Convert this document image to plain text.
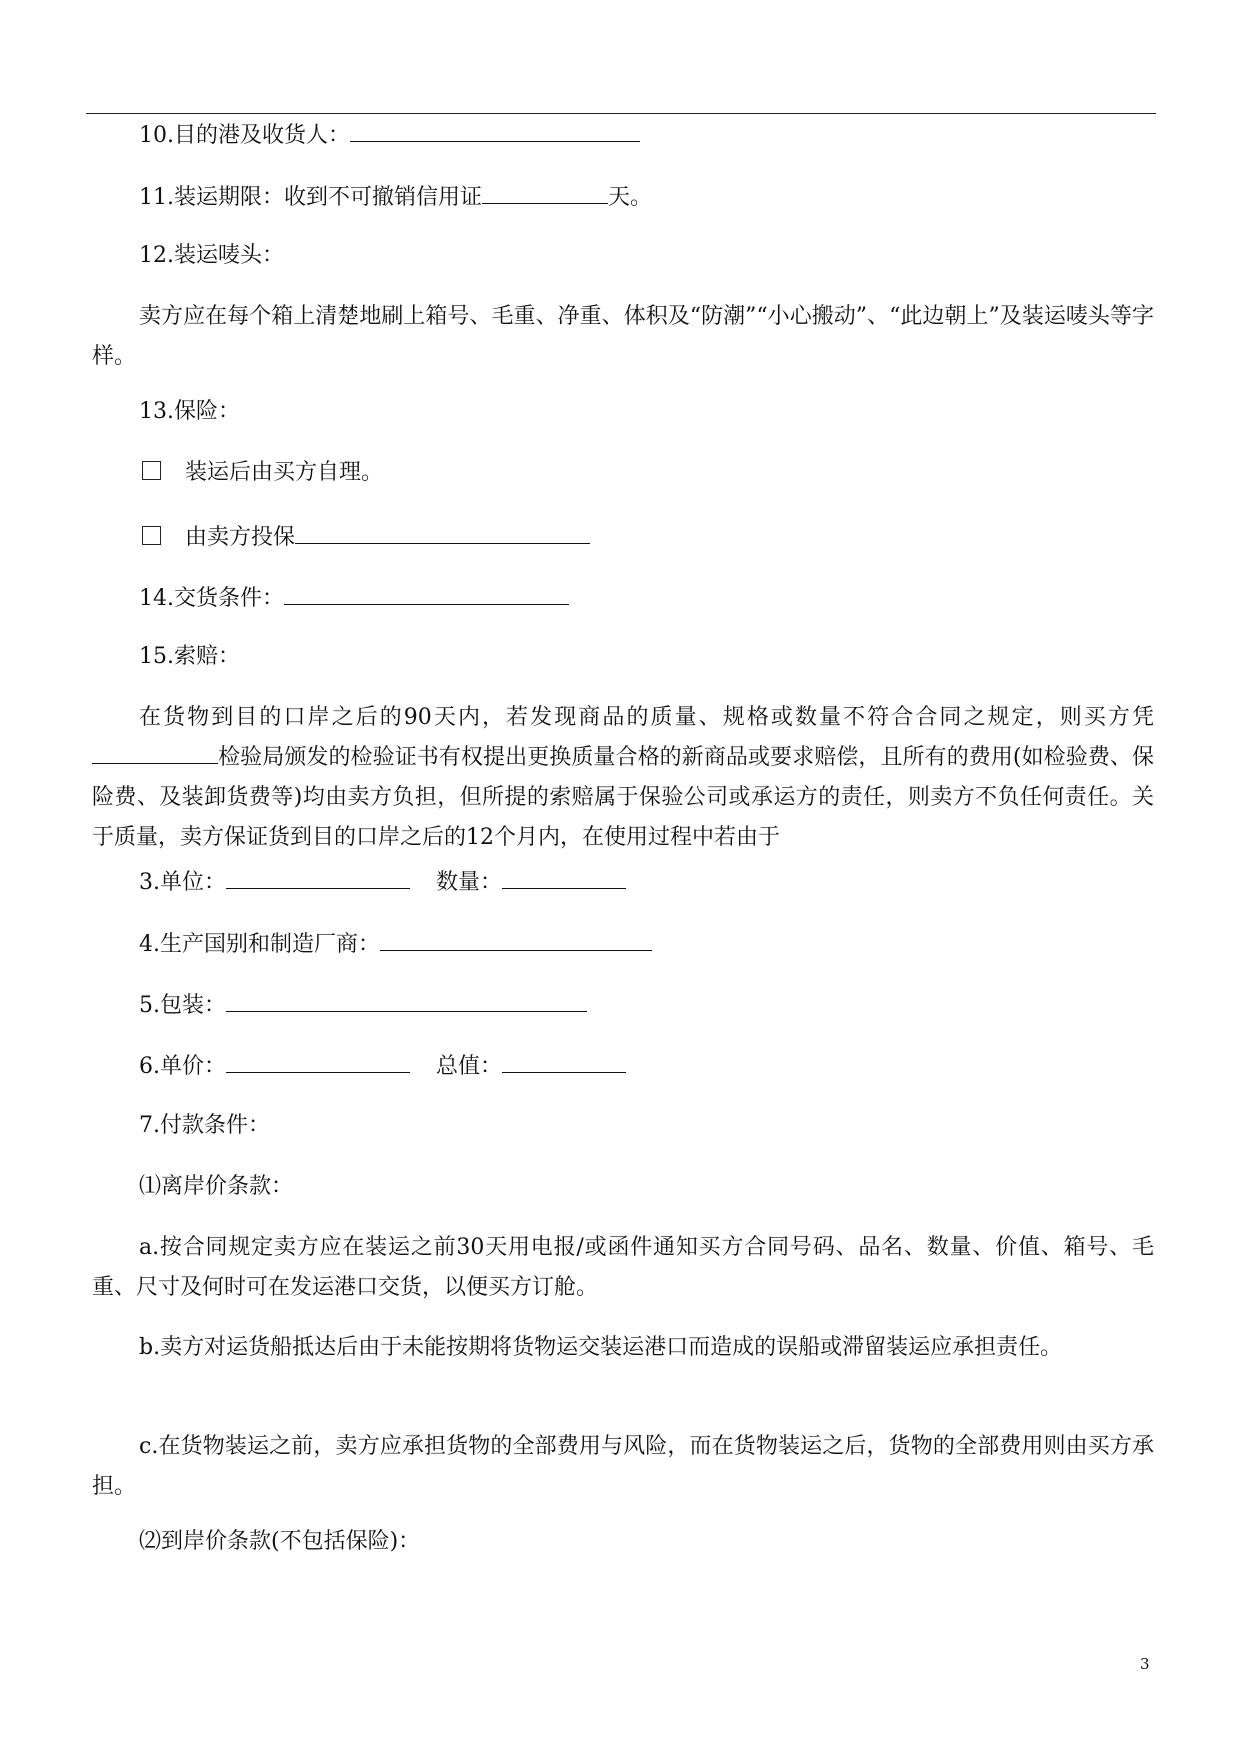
10.目的港及收货人：
11.装运期限：收到不可撤销信用证	天。
12.装运唛头：
卖方应在每个箱上清楚地刷上箱号、毛重、净重、体积及“防潮”“小心搬动”、“此边朝上”及装运唛头等字样。
13.保险：
装运后由买方自理。
由卖方投保
14.交货条件：
15.索赔：
在货物到目的口岸之后的90天内，若发现商品的质量、规格或数量不符合合同之规定，则买方凭检验局颁发的检验证书有权提出更换质量合格的新商品或要求赔偿，且所有的费用(如检验费、保险费、及装卸货费等)均由卖方负担，但所提的索赔属于保验公司或承运方的责任，则卖方不负任何责任。关于质量，卖方保证货到目的口岸之后的12个月内，在使用过程中若由于
3.单位：	数量：
4.生产国别和制造厂商：
5.包装：
6.单价：	总值：
7.付款条件：
⑴离岸价条款：
a.按合同规定卖方应在装运之前30天用电报/或函件通知买方合同号码、品名、数量、价值、箱号、毛重、尺寸及何时可在发运港口交货，以便买方订舱。
b.卖方对运货船抵达后由于未能按期将货物运交装运港口而造成的误船或滞留装运应承担责任。
c.在货物装运之前，卖方应承担货物的全部费用与风险，而在货物装运之后，货物的全部费用则由买方承担。
⑵到岸价条款(不包括保险)：
3
